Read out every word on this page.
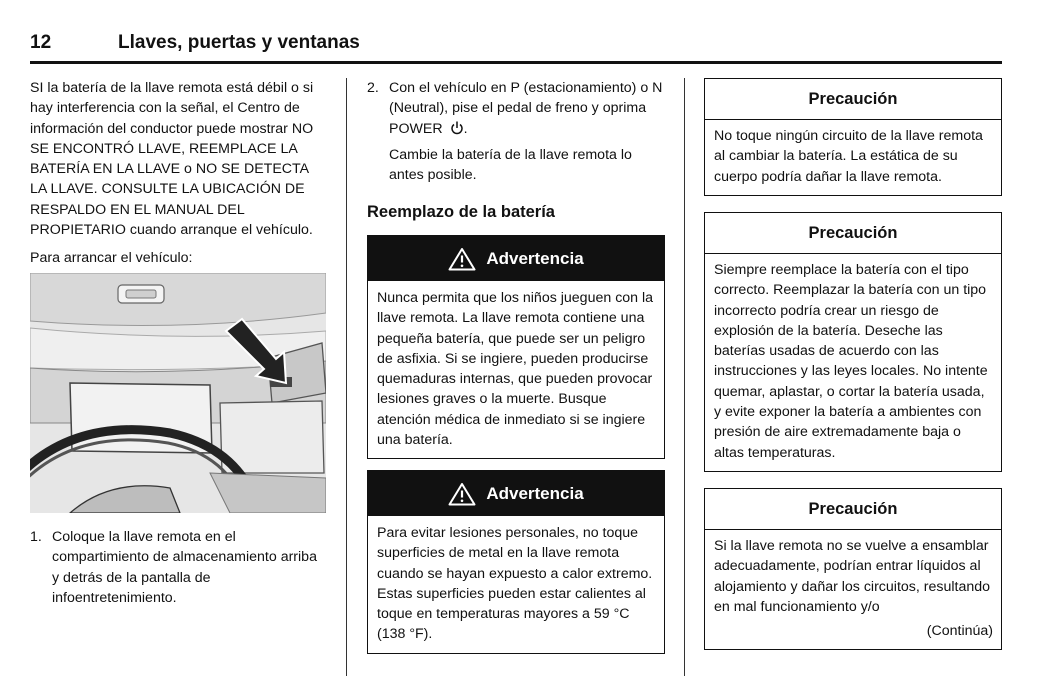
12	Llaves, puertas y ventanas

SI la batería de la llave remota está débil o si hay interferencia con la señal, el Centro de información del conductor puede mostrar NO SE ENCONTRÓ LLAVE, REEMPLACE LA BATERÍA EN LA LLAVE o NO SE DETECTA LA LLAVE. CONSULTE LA UBICACIÓN DE RESPALDO EN EL MANUAL DEL PROPIETARIO cuando arranque el vehículo.

Para arrancar el vehículo:

1. Coloque la llave remota en el compartimiento de almacenamiento arriba y detrás de la pantalla de infoentretenimiento.
2. Con el vehículo en P (estacionamiento) o N (Neutral), pise el pedal de freno y oprima POWER .

Cambie la batería de la llave remota lo antes posible.

Reemplazo de la batería
Advertencia
Nunca permita que los niños jueguen con la llave remota. La llave remota contiene una pequeña batería, que puede ser un peligro de asfixia. Si se ingiere, pueden producirse quemaduras internas, que pueden provocar lesiones graves o la muerte. Busque atención médica de inmediato si se ingiere una batería.
Advertencia
Para evitar lesiones personales, no toque superficies de metal en la llave remota cuando se hayan expuesto a calor extremo. Estas superficies pueden estar calientes al toque en temperaturas mayores a 59 °C (138 °F).
Precaución
No toque ningún circuito de la llave remota al cambiar la batería. La estática de su cuerpo podría dañar la llave remota.
Precaución
Siempre reemplace la batería con el tipo correcto. Reemplazar la batería con un tipo incorrecto podría crear un riesgo de explosión de la batería. Deseche las baterías usadas de acuerdo con las instrucciones y las leyes locales. No intente quemar, aplastar, o cortar la batería usada, y evite exponer la batería a ambientes con presión de aire extremadamente baja o altas temperaturas.
Precaución
Si la llave remota no se vuelve a ensamblar adecuadamente, podrían entrar líquidos al alojamiento y dañar los circuitos, resultando en mal funcionamiento y/o
(Continúa)
